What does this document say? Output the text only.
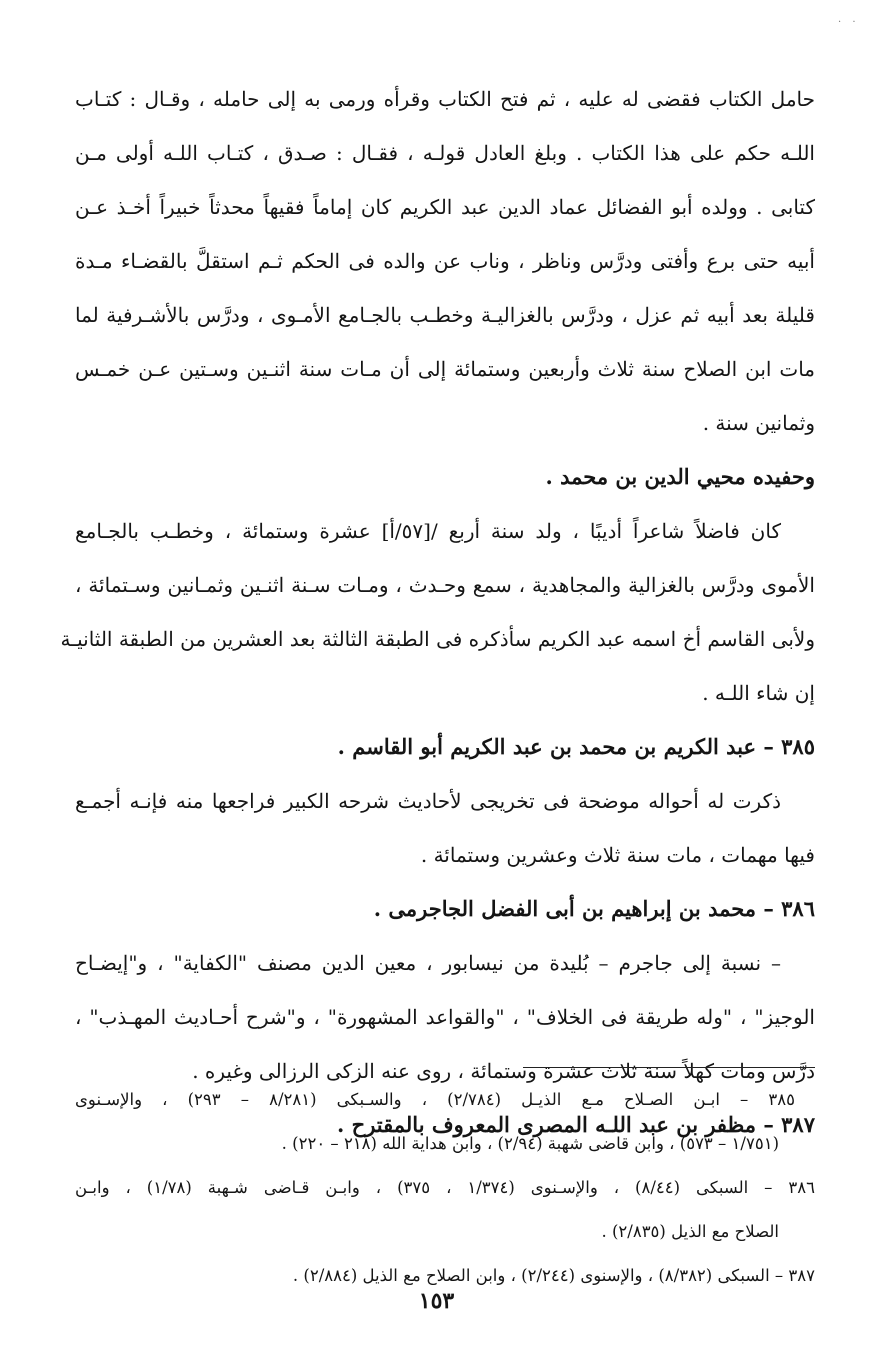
. .
حامل الكتاب فقضى له عليه ، ثم فتح الكتاب وقرأه ورمى به إلى حامله ، وقـال : كتـاب
اللـه حكم على هذا الكتاب . وبلغ العادل قولـه ، فقـال : صـدق ، كتـاب اللـه أولى مـن
كتابى . وولده أبو الفضائل عماد الدين عبد الكريم كان إماماً فقيهاً محدثاً خبيراً أخـذ عـن
أبيه حتى برع وأفتى ودرَّس وناظر ، وناب عن والده فى الحكم ثـم استقلَّ بالقضـاء مـدة
قليلة بعد أبيه ثم عزل ، ودرَّس بالغزاليـة وخطـب بالجـامع الأمـوى ، ودرَّس بالأشـرفية لما
مات ابن الصلاح سنة ثلاث وأربعين وستمائة إلى أن مـات سنة اثنـين وسـتين عـن خمـس
وثمانين سنة .
وحفيده محيي الدين بن محمد .
كان فاضلاً شاعراً أديبًا ، ولد سنة أربع /[٥٧/أ] عشرة وستمائة ، وخطـب بالجـامع
الأموى ودرَّس بالغزالية والمجاهدية ، سمع وحـدث ، ومـات سـنة اثنـين وثمـانين وسـتمائة ،
ولأبى القاسم أخ اسمه عبد الكريم سأذكره فى الطبقة الثالثة بعد العشرين من الطبقة الثانيـة
إن شاء اللـه .
٣٨٥ – عبد الكريم بن محمد بن عبد الكريم أبو القاسم .
ذكرت له أحواله موضحة فى تخريجى لأحاديث شرحه الكبير فراجعها منه فإنـه أجمـع
فيها مهمات ، مات سنة ثلاث وعشرين وستمائة .
٣٨٦ – محمد بن إبراهيم بن أبى الفضل الجاجرمى .
– نسبة إلى جاجرم – بُليدة من نيسابور ، معين الدين مصنف "الكفاية" ، و"إيضـاح
الوجيز" ، "وله طريقة فى الخلاف" ، "والقواعد المشهورة" ، و"شرح أحـاديث المهـذب" ،
درَّس ومات كهلاً سنة ثلاث عشرة وستمائة ، روى عنه الزكى الرزالى وغيره .
٣٨٧ – مظفر بن عبد اللـه المصرى المعروف بالمقترح .
٣٨٥ – ابـن الصـلاح مـع الذيـل (٢/٧٨٤) ، والسـبكى (٨/٢٨١ – ٢٩٣) ، والإسـنوى
(١/٧٥١ – ٥٧٣) ، وابن قاضى شهبة (٢/٩٤) ، وابن هداية الله (٢١٨ – ٢٢٠) .
٣٨٦ – السبكى (٨/٤٤) ، والإسـنوى (١/٣٧٤ ، ٣٧٥) ، وابـن قـاضى شـهبة (١/٧٨) ، وابـن
الصلاح مع الذيل (٢/٨٣٥) .
٣٨٧ – السبكى (٨/٣٨٢) ، والإسنوى (٢/٢٤٤) ، وابن الصلاح مع الذيل (٢/٨٨٤) .
١٥٣
